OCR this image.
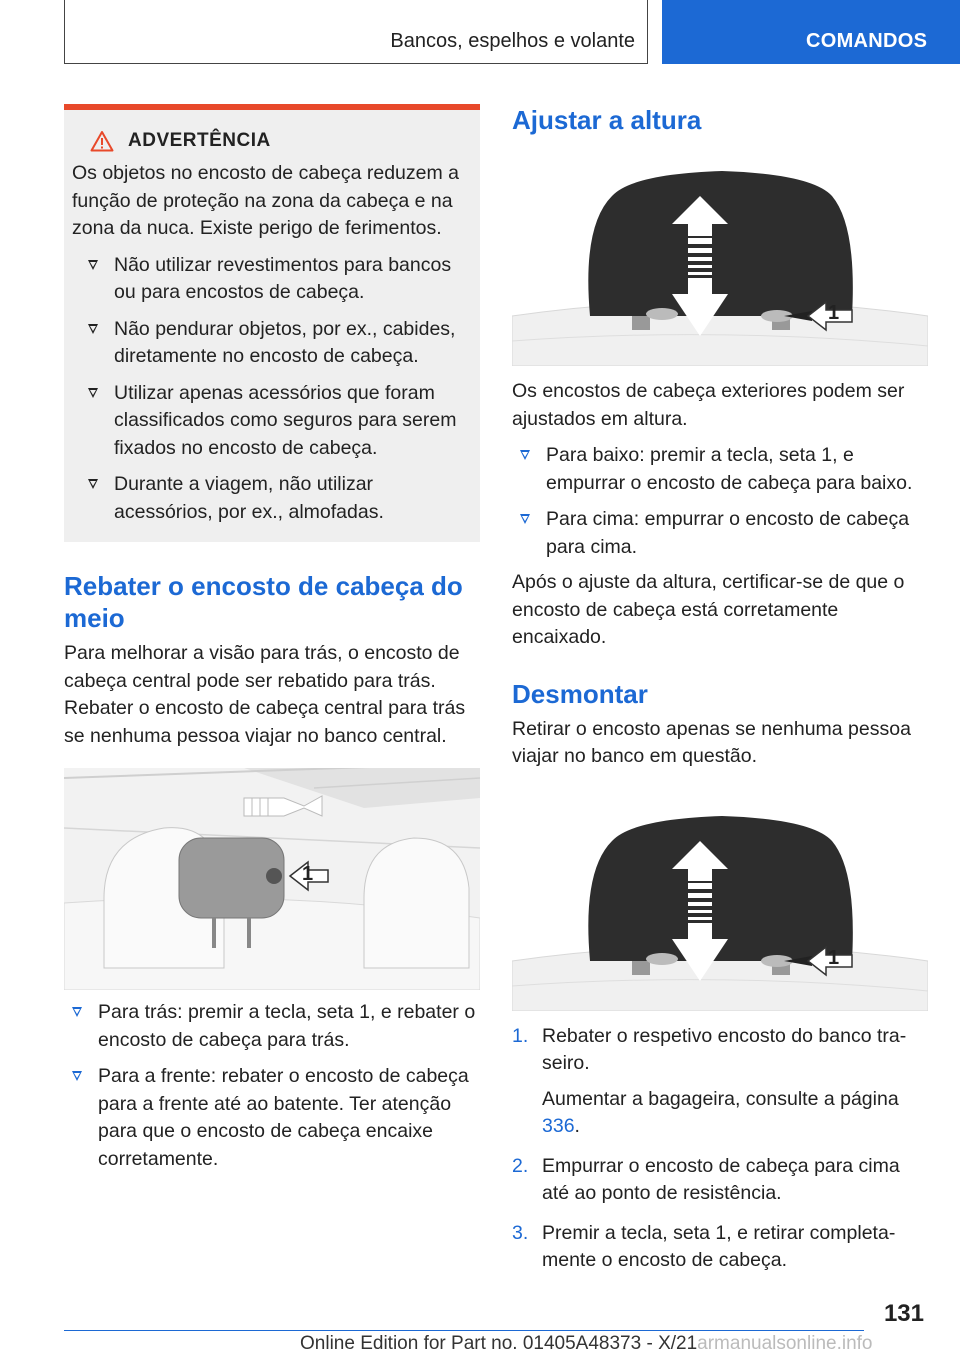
Bancos, espelhos e volante	COMANDOS
ADVERTÊNCIA

Os objetos no encosto de cabeça reduzem a função de proteção na zona da cabeça e na zona da nuca. Existe perigo de ferimentos.

Não utilizar revestimentos para bancos ou para encostos de cabeça.
Não pendurar objetos, por ex., cabides, diretamente no encosto de cabeça.
Utilizar apenas acessórios que foram classificados como seguros para serem fixados no encosto de cabeça.
Durante a viagem, não utilizar acessórios, por ex., almofadas.
Rebater o encosto de cabeça do meio

Para melhorar a visão para trás, o encosto de cabeça central pode ser rebatido para trás. Rebater o encosto de cabeça central para trás se nenhuma pessoa viajar no banco central.

1
Para trás: premir a tecla, seta 1, e rebater o encosto de cabeça para trás.
Para a frente: rebater o encosto de cabeça para a frente até ao batente. Ter atenção para que o encosto de cabeça encaixe corretamente.
Ajustar a altura
1

Os encostos de cabeça exteriores podem ser ajustados em altura.

Para baixo: premir a tecla, seta 1, e empurrar o encosto de cabeça para baixo.
Para cima: empurrar o encosto de cabeça para cima.

Após o ajuste da altura, certificar-se de que o encosto de cabeça está corretamente encaixado.

Desmontar

Retirar o encosto apenas se nenhuma pessoa viajar no banco em questão.

1
1. Rebater o respetivo encosto do banco traseiro.
Aumentar a bagageira, consulte a página 336.
2. Empurrar o encosto de cabeça para cima até ao ponto de resistência.
3. Premir a tecla, seta 1, e retirar completamente o encosto de cabeça.
131
Online Edition for Part no. 01405A48373 - X/21armanualsonline.info
